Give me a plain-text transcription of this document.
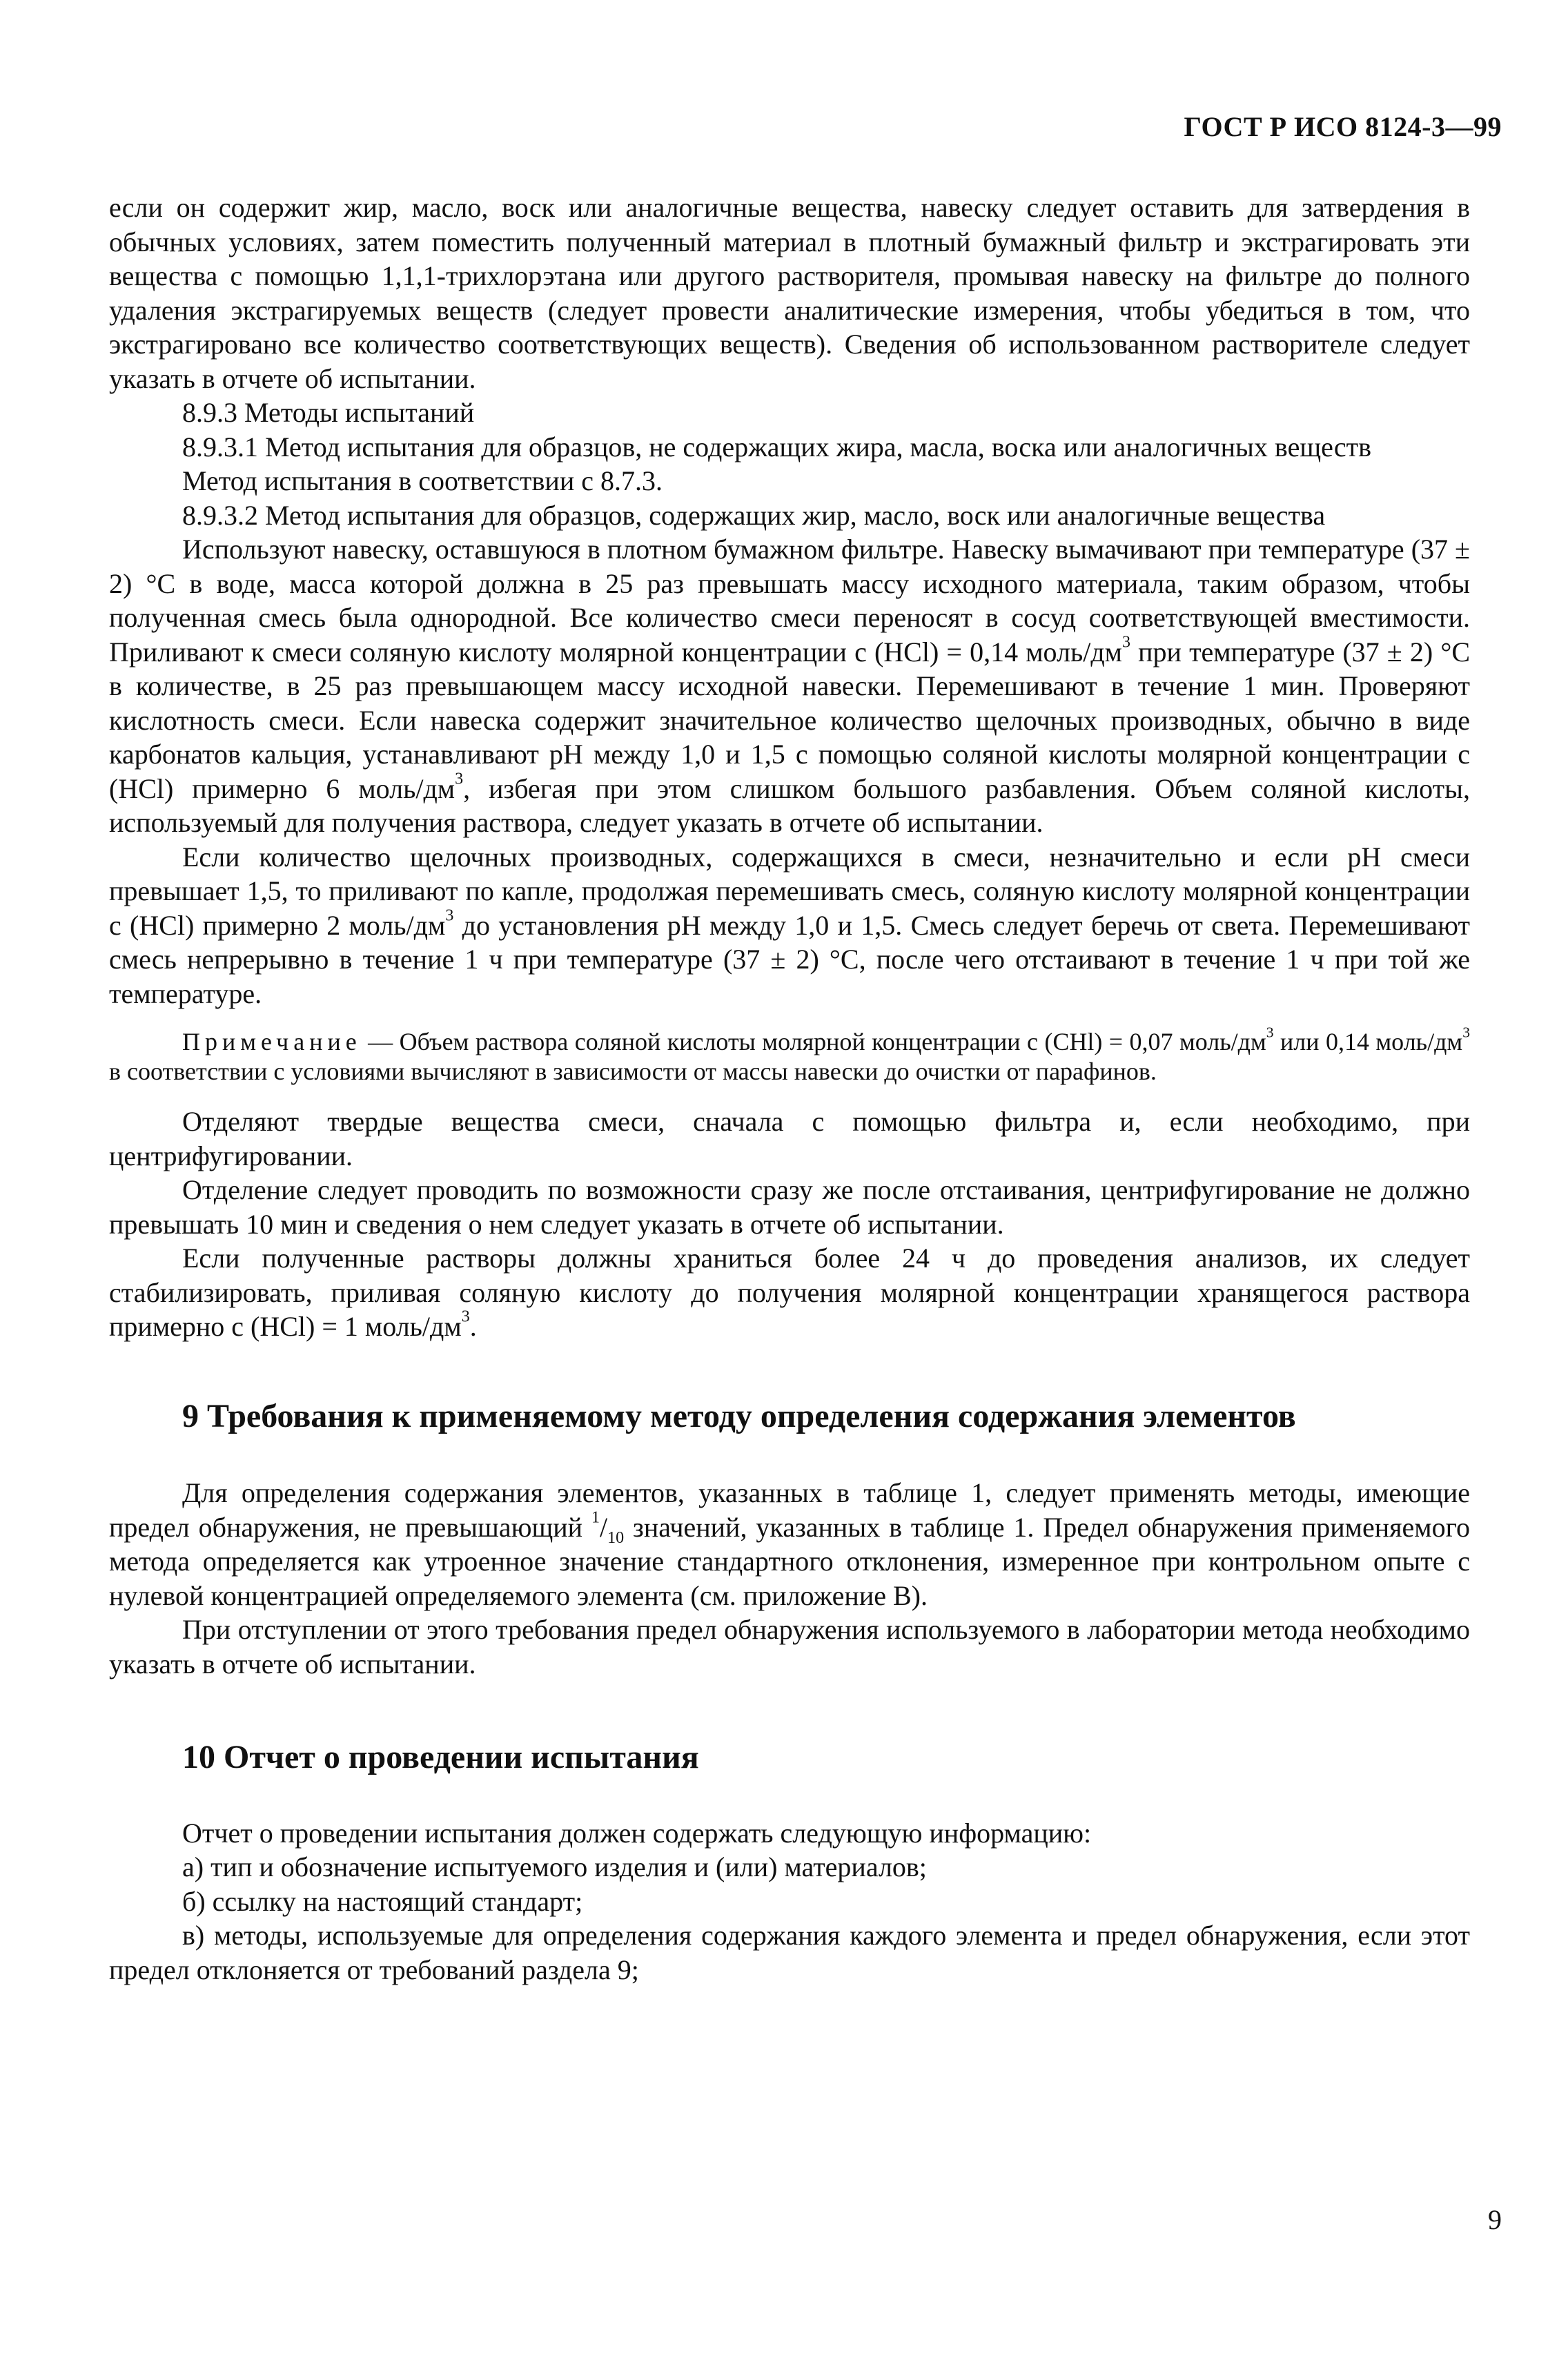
ГОСТ Р ИСО 8124-3—99

если он содержит жир, масло, воск или аналогичные вещества, навеску следует оставить для затвердения в обычных условиях, затем поместить полученный материал в плотный бумажный фильтр и экстрагировать эти вещества с помощью 1,1,1-трихлорэтана или другого растворителя, промывая навеску на фильтре до полного удаления экстрагируемых веществ (следует провести аналитические измерения, чтобы убедиться в том, что экстрагировано все количество соответствующих веществ). Сведения об использованном растворителе следует указать в отчете об испытании.

8.9.3 Методы испытаний

8.9.3.1 Метод испытания для образцов, не содержащих жира, масла, воска или аналогичных веществ

Метод испытания в соответствии с 8.7.3.

8.9.3.2 Метод испытания для образцов, содержащих жир, масло, воск или аналогичные вещества

Используют навеску, оставшуюся в плотном бумажном фильтре. Навеску вымачивают при температуре (37 ± 2) °С в воде, масса которой должна в 25 раз превышать массу исходного материала, таким образом, чтобы полученная смесь была однородной. Все количество смеси переносят в сосуд соответствующей вместимости. Приливают к смеси соляную кислоту молярной концентрации с (HCl) = 0,14 моль/$дм^3$ при температуре (37 ± 2) °С в количестве, в 25 раз превышающем массу исходной навески. Перемешивают в течение 1 мин. Проверяют кислотность смеси. Если навеска содержит значительное количество щелочных производных, обычно в виде карбонатов кальция, устанавливают pH между 1,0 и 1,5 с помощью соляной кислоты молярной концентрации с (HCl) примерно 6 моль/$дм^3$, избегая при этом слишком большого разбавления. Объем соляной кислоты, используемый для получения раствора, следует указать в отчете об испытании.

Если количество щелочных производных, содержащихся в смеси, незначительно и если pH смеси превышает 1,5, то приливают по капле, продолжая перемешивать смесь, соляную кислоту молярной концентрации с (HCl) примерно 2 моль/$дм^3$ до установления pH между 1,0 и 1,5. Смесь следует беречь от света. Перемешивают смесь непрерывно в течение 1 ч при температуре (37 ± 2) °С, после чего отстаивают в течение 1 ч при той же температуре.

Примечание — Объем раствора соляной кислоты молярной концентрации с (CHl) = 0,07 моль/$дм^3$ или 0,14 моль/$дм^3$ в соответствии с условиями вычисляют в зависимости от массы навески до очистки от парафинов.

Отделяют твердые вещества смеси, сначала с помощью фильтра и, если необходимо, при центрифугировании.

Отделение следует проводить по возможности сразу же после отстаивания, центрифугирование не должно превышать 10 мин и сведения о нем следует указать в отчете об испытании.

Если полученные растворы должны храниться более 24 ч до проведения анализов, их следует стабилизировать, приливая соляную кислоту до получения молярной концентрации хранящегося раствора примерно с (HCl) = 1 моль/$дм^3$.

9 Требования к применяемому методу определения содержания элементов

Для определения содержания элементов, указанных в таблице 1, следует применять методы, имеющие предел обнаружения, не превышающий $^1/_{10}$ значений, указанных в таблице 1. Предел обнаружения применяемого метода определяется как утроенное значение стандартного отклонения, измеренное при контрольном опыте с нулевой концентрацией определяемого элемента (см. приложение В).

При отступлении от этого требования предел обнаружения используемого в лаборатории метода необходимо указать в отчете об испытании.

10 Отчет о проведении испытания

Отчет о проведении испытания должен содержать следующую информацию:

а) тип и обозначение испытуемого изделия и (или) материалов;

б) ссылку на настоящий стандарт;

в) методы, используемые для определения содержания каждого элемента и предел обнаружения, если этот предел отклоняется от требований раздела 9;

9
